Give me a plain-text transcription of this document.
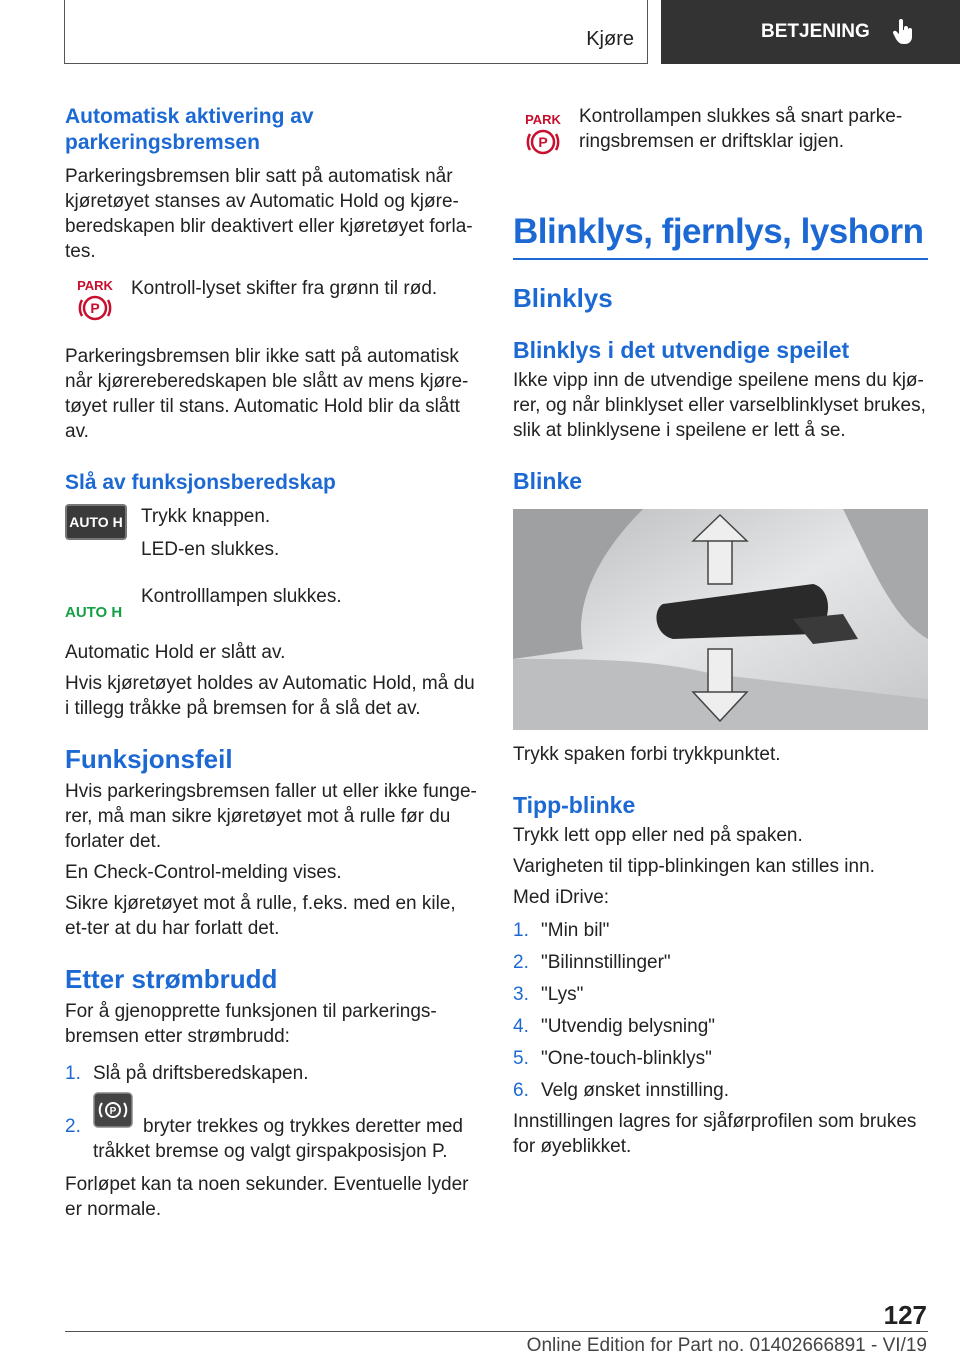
Kjøre	BETJENING
Automatisk aktivering av parkeringsbremsen

Parkeringsbremsen blir satt på automatisk når kjøretøyet stanses av Automatic Hold og kjøre-beredskapen blir deaktivert eller kjøretøyet forla-tes.

PARK
P

Kontroll-lyset skifter fra grønn til rød.

Parkeringsbremsen blir ikke satt på automatisk når kjørereberedskapen ble slått av mens kjøre-tøyet ruller til stans. Automatic Hold blir da slått av.

Slå av funksjonsberedskap
AUTO H Trykk knappen.

LED-en slukkes.

AUTO H

Kontrolllampen slukkes.

Automatic Hold er slått av.

Hvis kjøretøyet holdes av Automatic Hold, må du i tillegg tråkke på bremsen for å slå det av.

Funksjonsfeil

Hvis parkeringsbremsen faller ut eller ikke funge-rer, må man sikre kjøretøyet mot å rulle før du forlater det.

En Check-Control-melding vises.

Sikre kjøretøyet mot å rulle, f.eks. med en kile, et-ter at du har forlatt det.

Etter strømbrudd

For å gjenopprette funksjonen til parkerings-bremsen etter strømbrudd:

1. Slå på driftsberedskapen.
2.
P
bryter trekkes og trykkes deretter med tråkket bremse og valgt girspakposisjon P.

Forløpet kan ta noen sekunder. Eventuelle lyder er normale.

PARK
P

Kontrollampen slukkes så snart parke-ringsbremsen er driftsklar igjen.

Blinklys, fjernlys, lyshorn
Blinklys
Blinklys i det utvendige speilet

Ikke vipp inn de utvendige speilene mens du kjø-rer, og når blinklyset eller varselblinklyset brukes, slik at blinklysene i speilene er lett å se.

Blinke

Trykk spaken forbi trykkpunktet.

Tipp-blinke

Trykk lett opp eller ned på spaken.

Varigheten til tipp-blinkingen kan stilles inn.

Med iDrive:

1. "Min bil"
2. "Bilinnstillinger"
3. "Lys"
4. "Utvendig belysning"
5. "One-touch-blinklys"
6. Velg ønsket innstilling.

Innstillingen lagres for sjåførprofilen som brukes for øyeblikket.

127
Online Edition for Part no. 01402666891 - VI/19
